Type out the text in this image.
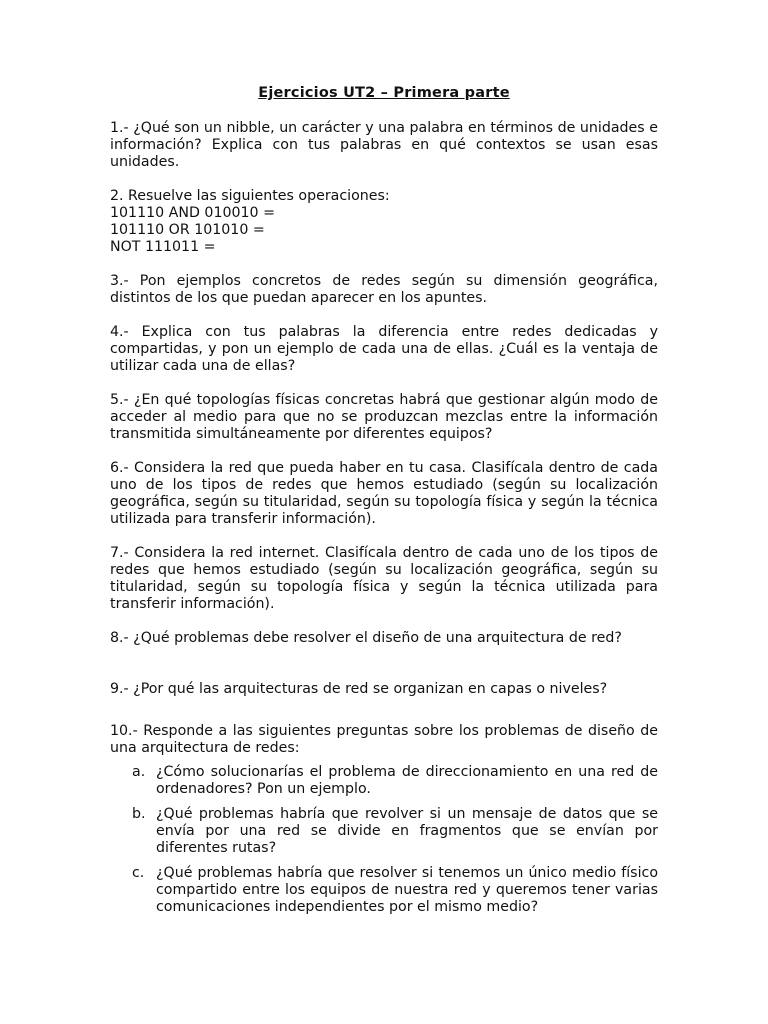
Ejercicios UT2 – Primera parte

1.- ¿Qué son un nibble, un carácter y una palabra en términos de unidades e información? Explica con tus palabras en qué contextos se usan esas unidades.

2. Resuelve las siguientes operaciones:
101110 AND 010010 =
101110 OR 101010 =
NOT 111011 =

3.- Pon ejemplos concretos de redes según su dimensión geográfica, distintos de los que puedan aparecer en los apuntes.

4.- Explica con tus palabras la diferencia entre redes dedicadas y compartidas, y pon un ejemplo de cada una de ellas. ¿Cuál es la ventaja de utilizar cada una de ellas?

5.- ¿En qué topologías físicas concretas habrá que gestionar algún modo de acceder al medio para que no se produzcan mezclas entre la información transmitida simultáneamente por diferentes equipos?

6.- Considera la red que pueda haber en tu casa. Clasifícala dentro de cada uno de los tipos de redes que hemos estudiado (según su localización geográfica, según su titularidad, según su topología física y según la técnica utilizada para transferir información).

7.- Considera la red internet. Clasifícala dentro de cada uno de los tipos de redes que hemos estudiado (según su localización geográfica, según su titularidad, según su topología física y según la técnica utilizada para transferir información).

8.- ¿Qué problemas debe resolver el diseño de una arquitectura de red?

9.- ¿Por qué las arquitecturas de red se organizan en capas o niveles?

10.- Responde a las siguientes preguntas sobre los problemas de diseño de una arquitectura de redes:

a. ¿Cómo solucionarías el problema de direccionamiento en una red de ordenadores? Pon un ejemplo.
b. ¿Qué problemas habría que revolver si un mensaje de datos que se envía por una red se divide en fragmentos que se envían por diferentes rutas?
c. ¿Qué problemas habría que resolver si tenemos un único medio físico compartido entre los equipos de nuestra red y queremos tener varias comunicaciones independientes por el mismo medio?
